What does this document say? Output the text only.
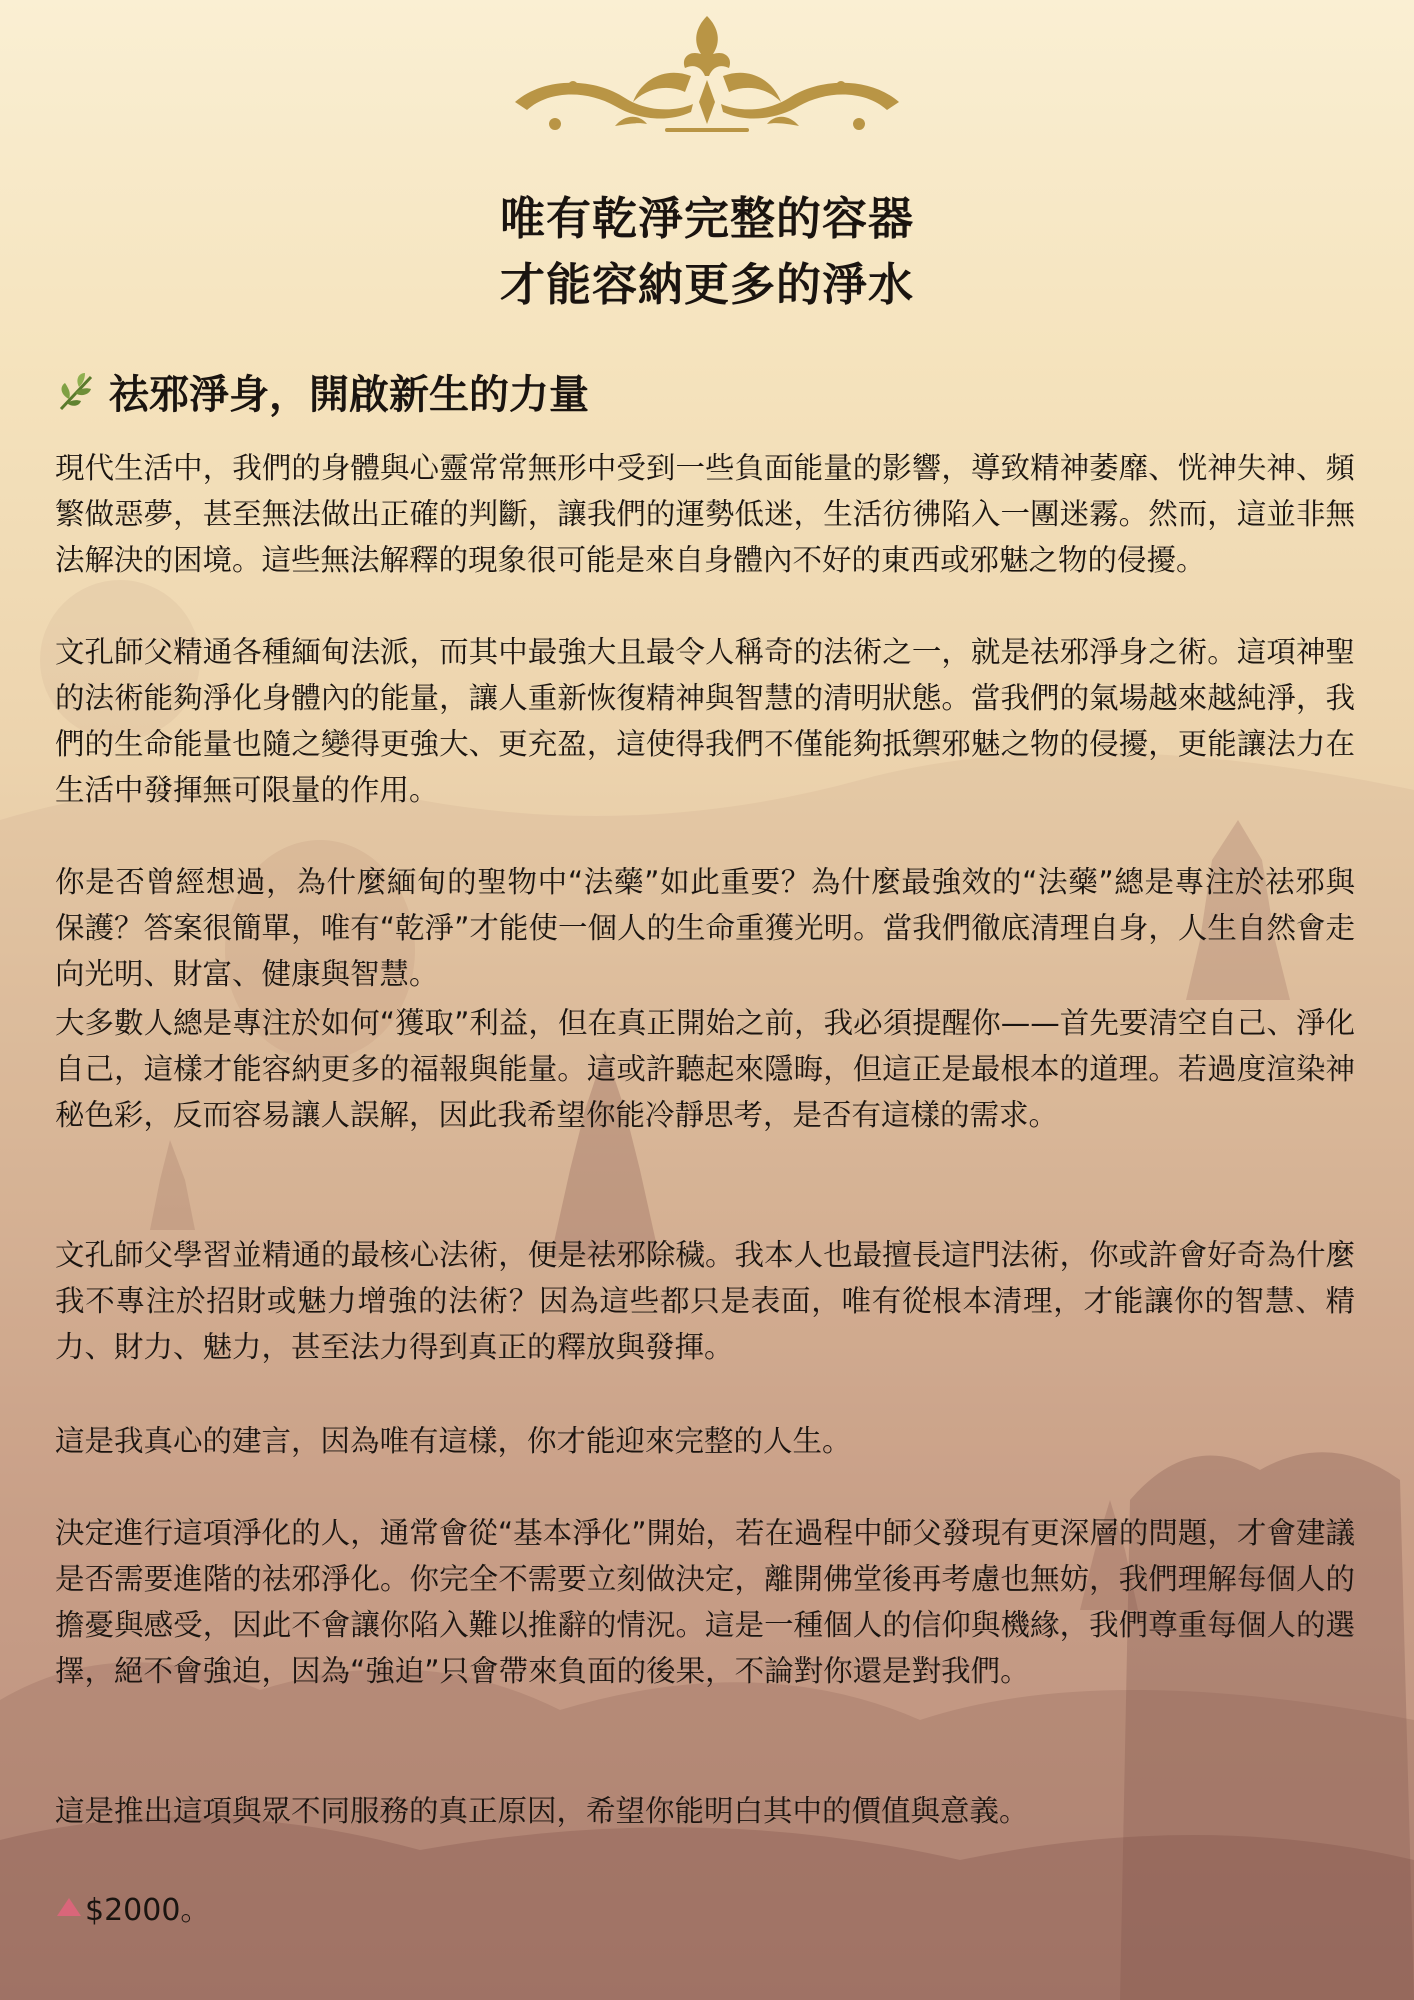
唯有乾淨完整的容器
才能容納更多的淨水
祛邪淨身，開啟新生的力量

現代生活中，我們的身體與心靈常常無形中受到一些負面能量的影響，導致精神萎靡、恍神失神、頻繁做惡夢，甚至無法做出正確的判斷，讓我們的運勢低迷，生活彷彿陷入一團迷霧。然而，這並非無法解決的困境。這些無法解釋的現象很可能是來自身體內不好的東西或邪魅之物的侵擾。

文孔師父精通各種緬甸法派，而其中最強大且最令人稱奇的法術之一，就是祛邪淨身之術。這項神聖的法術能夠淨化身體內的能量，讓人重新恢復精神與智慧的清明狀態。當我們的氣場越來越純淨，我們的生命能量也隨之變得更強大、更充盈，這使得我們不僅能夠抵禦邪魅之物的侵擾，更能讓法力在生活中發揮無可限量的作用。

你是否曾經想過，為什麼緬甸的聖物中“法藥”如此重要？為什麼最強效的“法藥”總是專注於祛邪與保護？答案很簡單，唯有“乾淨”才能使一個人的生命重獲光明。當我們徹底清理自身，人生自然會走向光明、財富、健康與智慧。

大多數人總是專注於如何“獲取”利益，但在真正開始之前，我必須提醒你——首先要清空自己、淨化自己，這樣才能容納更多的福報與能量。這或許聽起來隱晦，但這正是最根本的道理。若過度渲染神秘色彩，反而容易讓人誤解，因此我希望你能冷靜思考，是否有這樣的需求。

文孔師父學習並精通的最核心法術，便是祛邪除穢。我本人也最擅長這門法術，你或許會好奇為什麼我不專注於招財或魅力增強的法術？因為這些都只是表面，唯有從根本清理，才能讓你的智慧、精力、財力、魅力，甚至法力得到真正的釋放與發揮。

這是我真心的建言，因為唯有這樣，你才能迎來完整的人生。

決定進行這項淨化的人，通常會從“基本淨化”開始，若在過程中師父發現有更深層的問題，才會建議是否需要進階的祛邪淨化。你完全不需要立刻做決定，離開佛堂後再考慮也無妨，我們理解每個人的擔憂與感受，因此不會讓你陷入難以推辭的情況。這是一種個人的信仰與機緣，我們尊重每個人的選擇，絕不會強迫，因為“強迫”只會帶來負面的後果，不論對你還是對我們。

這是推出這項與眾不同服務的真正原因，希望你能明白其中的價值與意義。

$2000。
